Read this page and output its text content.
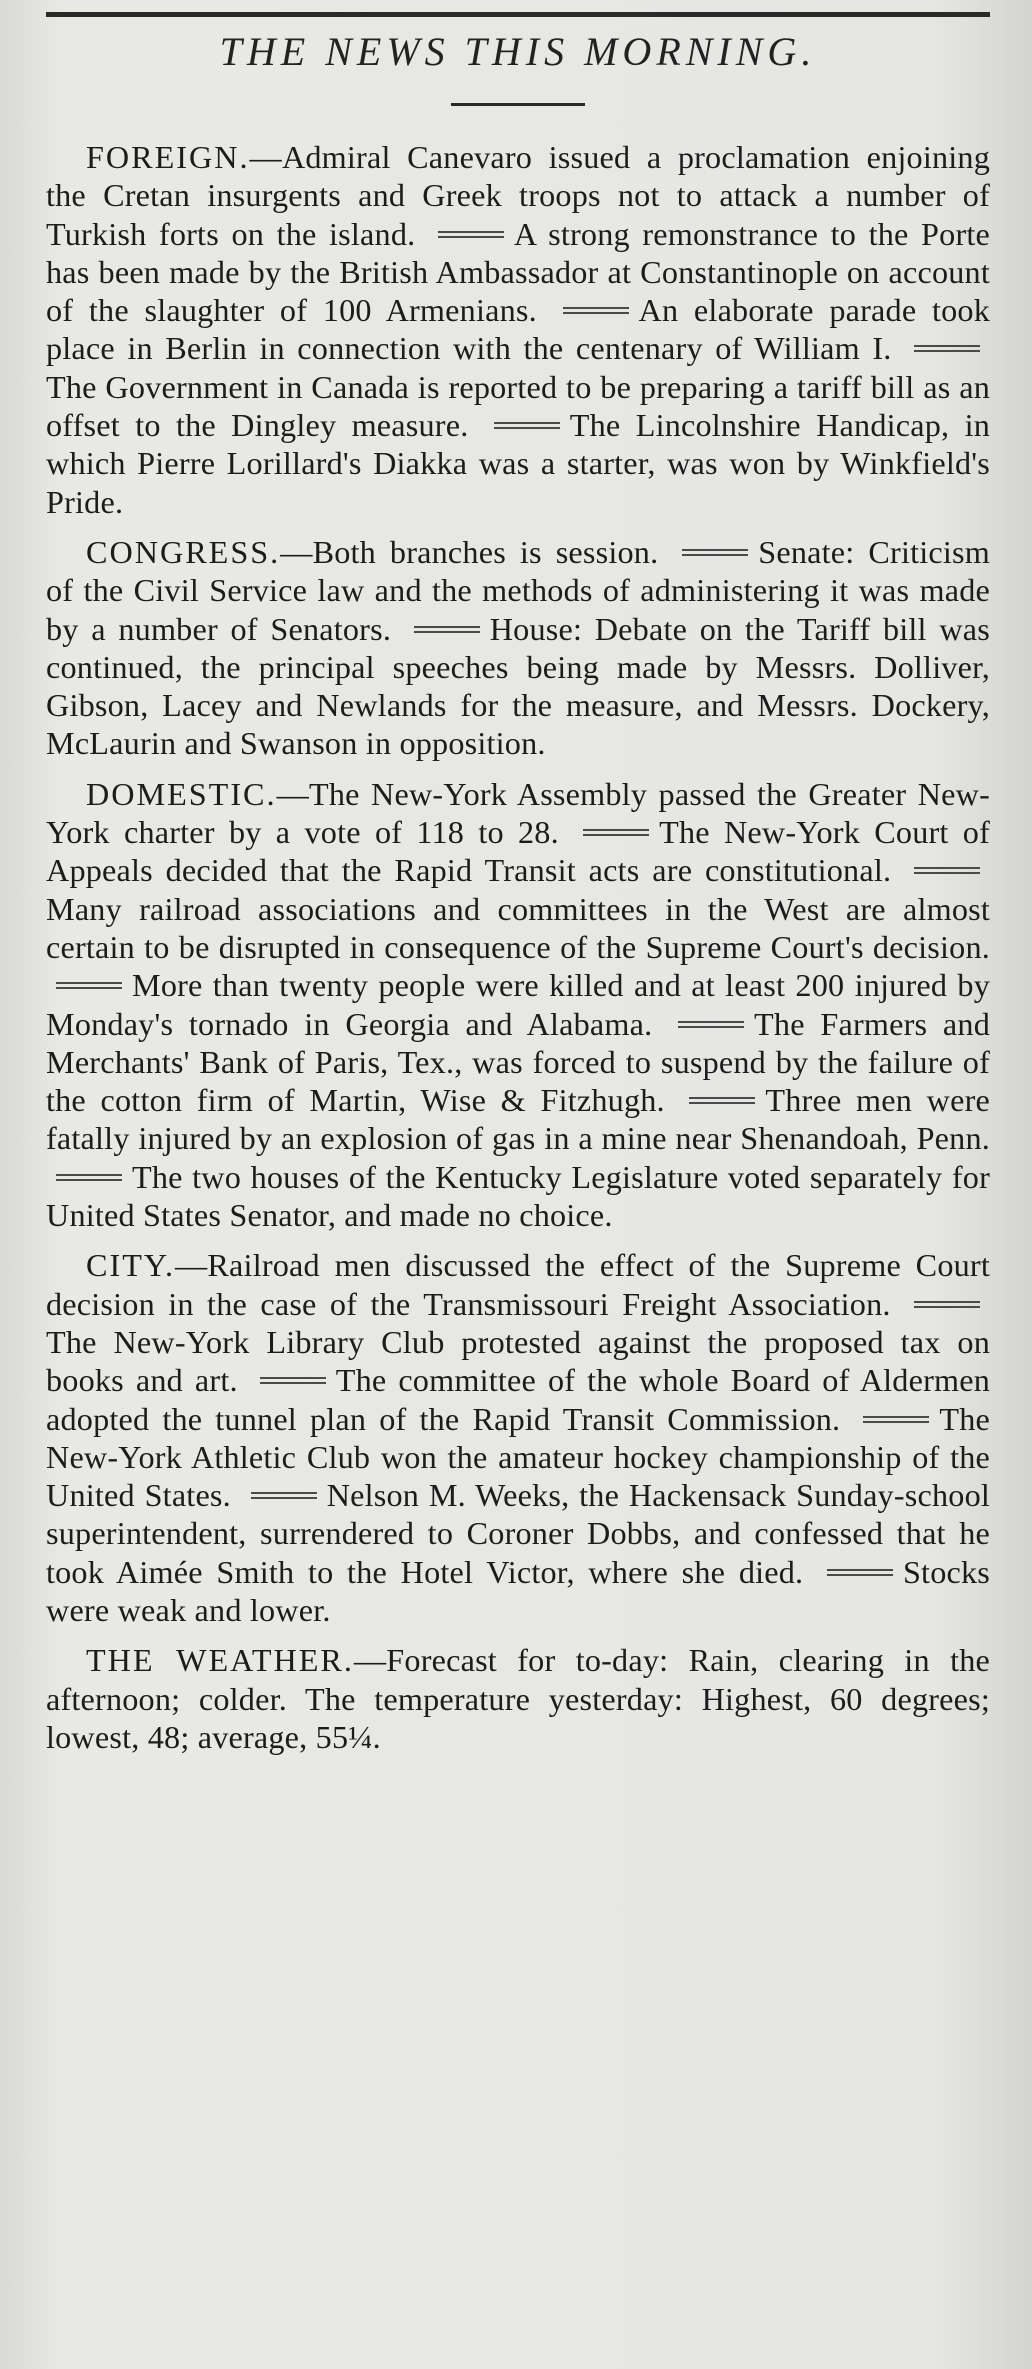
THE NEWS THIS MORNING.

FOREIGN.—Admiral Canevaro issued a proclamation enjoining the Cretan insurgents and Greek troops not to attack a number of Turkish forts on the island.	A strong remonstrance to the Porte has been made by the British Ambassador at Constantinople on account of the slaughter of 100 Armenians.	An elaborate parade took place in Berlin in connection with the centenary of William I. The Government in Canada is reported to be preparing a tariff bill as an offset to the Dingley measure.	The Lincolnshire Handicap, in which Pierre Lorillard's Diakka was a starter, was won by Winkfield's Pride.

CONGRESS.—Both branches is session.	Senate: Criticism of the Civil Service law and the methods of administering it was made by a number of Senators.	House: Debate on the Tariff bill was continued, the principal speeches being made by Messrs. Dolliver, Gibson, Lacey and Newlands for the measure, and Messrs. Dockery, McLaurin and Swanson in opposition.

DOMESTIC.—The New-York Assembly passed the Greater New-York charter by a vote of 118 to 28.	The New-York Court of Appeals decided that the Rapid Transit acts are constitutional. Many railroad associations and committees in the West are almost certain to be disrupted in consequence of the Supreme Court's decision. More than twenty people were killed and at least 200 injured by Monday's tornado in Georgia and Alabama.	The Farmers and Merchants' Bank of Paris, Tex., was forced to suspend by the failure of the cotton firm of Martin, Wise & Fitzhugh.	Three men were fatally injured by an explosion of gas in a mine near Shenandoah, Penn. The two houses of the Kentucky Legislature voted separately for United States Senator, and made no choice.

CITY.—Railroad men discussed the effect of the Supreme Court decision in the case of the Transmissouri Freight Association. The New-York Library Club protested against the proposed tax on books and art.	The committee of the whole Board of Aldermen adopted the tunnel plan of the Rapid Transit Commission.	The New-York Athletic Club won the amateur hockey championship of the United States.	Nelson M. Weeks, the Hackensack Sunday-school superintendent, surrendered to Coroner Dobbs, and confessed that he took Aimée Smith to the Hotel Victor, where she died.	Stocks were weak and lower.

THE WEATHER.—Forecast for to-day: Rain, clearing in the afternoon; colder. The temperature yesterday: Highest, 60 degrees; lowest, 48; average, 55¼.
